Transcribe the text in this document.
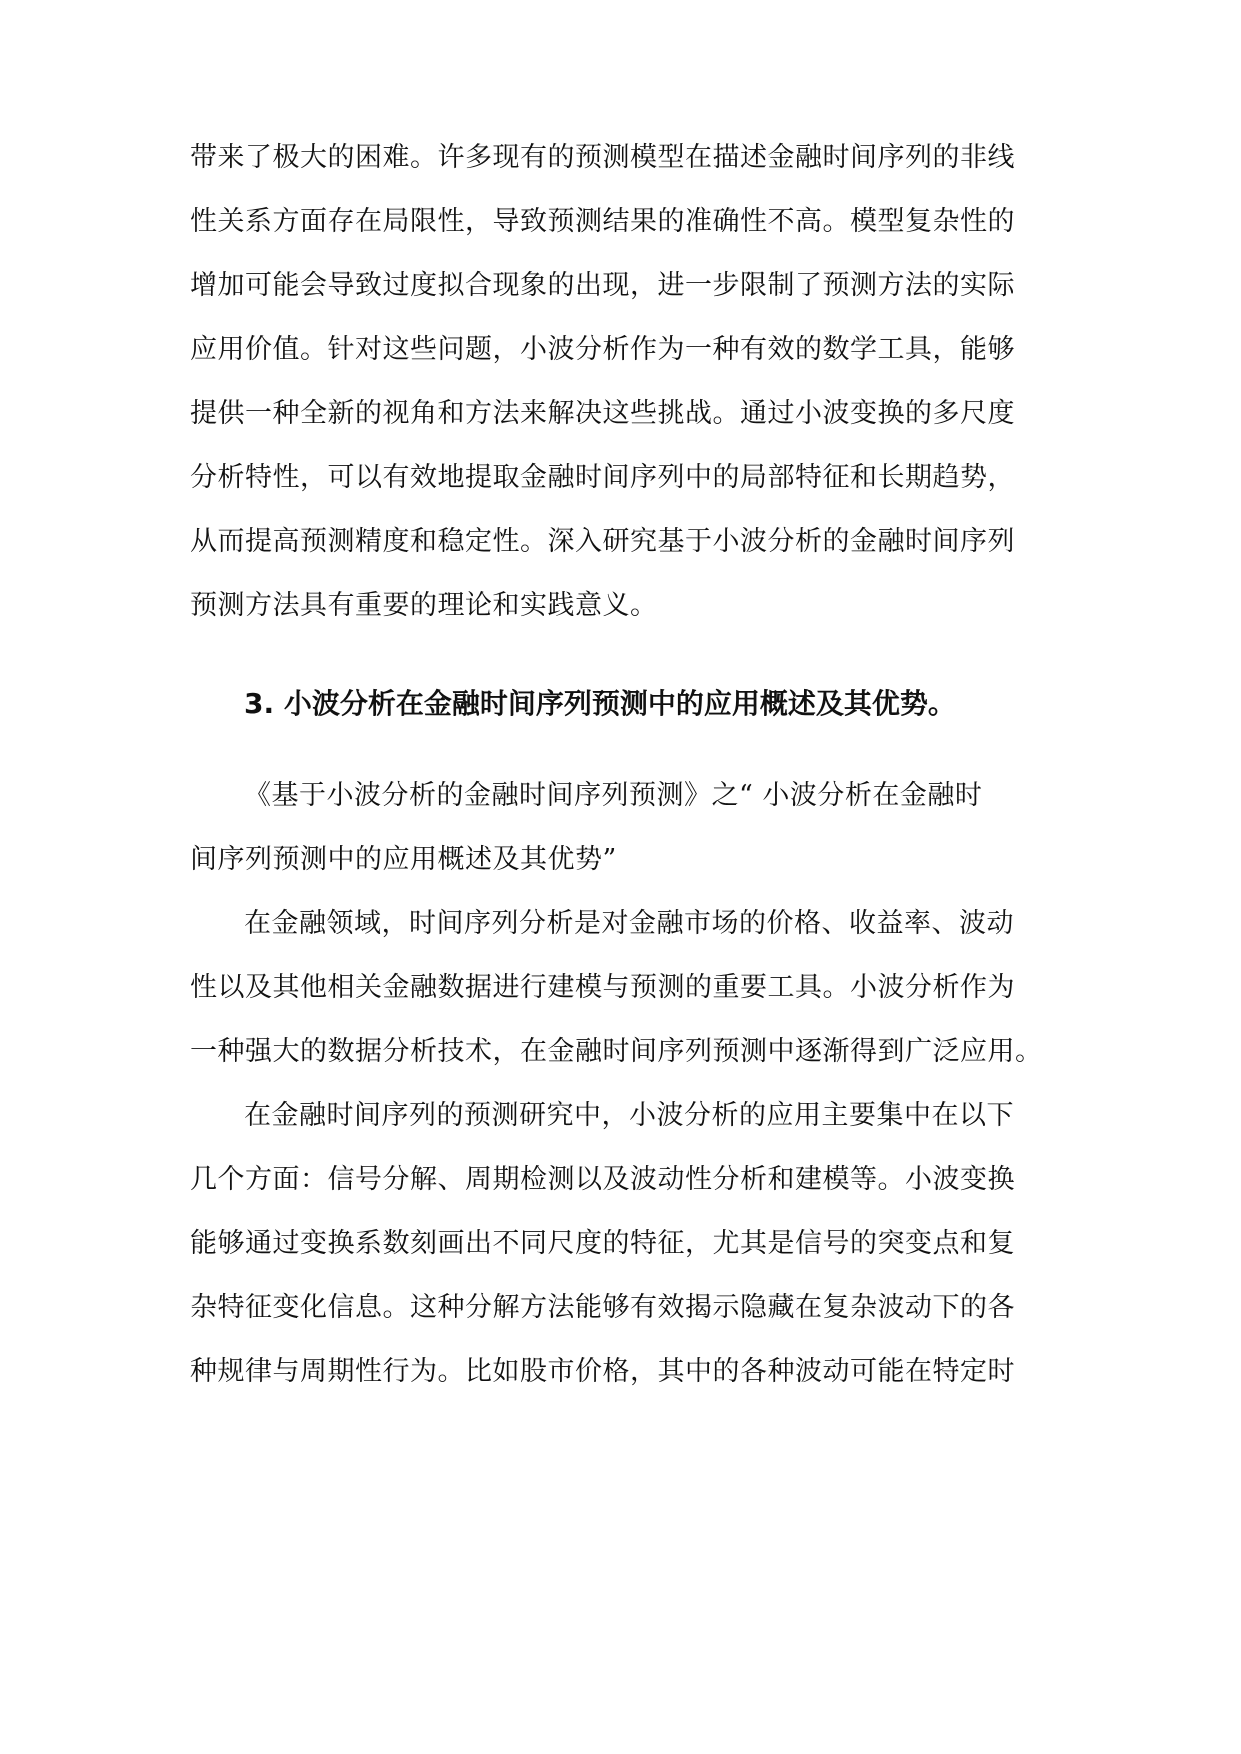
带来了极大的困难。许多现有的预测模型在描述金融时间序列的非线
性关系方面存在局限性，导致预测结果的准确性不高。模型复杂性的
增加可能会导致过度拟合现象的出现，进一步限制了预测方法的实际
应用价值。针对这些问题，小波分析作为一种有效的数学工具，能够
提供一种全新的视角和方法来解决这些挑战。通过小波变换的多尺度
分析特性，可以有效地提取金融时间序列中的局部特征和长期趋势，
从而提高预测精度和稳定性。深入研究基于小波分析的金融时间序列
预测方法具有重要的理论和实践意义。
3. 小波分析在金融时间序列预测中的应用概述及其优势。
《基于小波分析的金融时间序列预测》之“ 小波分析在金融时
间序列预测中的应用概述及其优势”
在金融领域，时间序列分析是对金融市场的价格、收益率、波动
性以及其他相关金融数据进行建模与预测的重要工具。小波分析作为
一种强大的数据分析技术，在金融时间序列预测中逐渐得到广泛应用。
在金融时间序列的预测研究中，小波分析的应用主要集中在以下
几个方面：信号分解、周期检测以及波动性分析和建模等。小波变换
能够通过变换系数刻画出不同尺度的特征，尤其是信号的突变点和复
杂特征变化信息。这种分解方法能够有效揭示隐藏在复杂波动下的各
种规律与周期性行为。比如股市价格，其中的各种波动可能在特定时
